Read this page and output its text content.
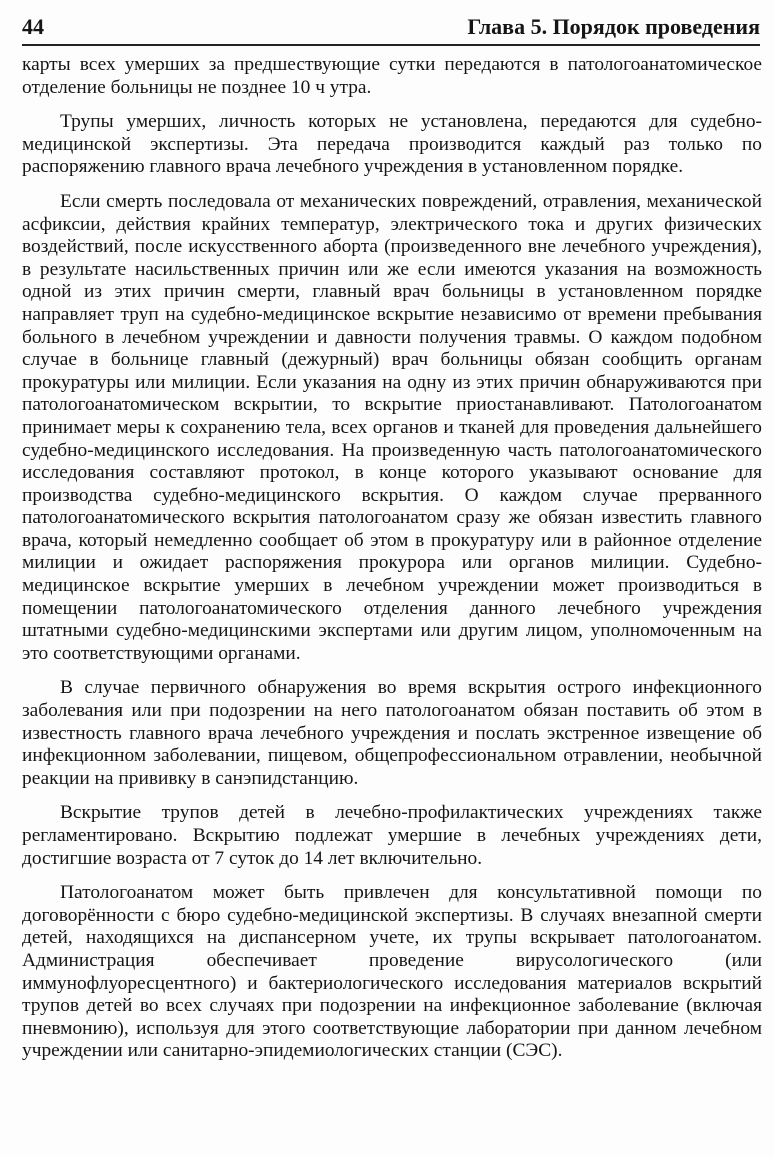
44	Глава 5. Порядок проведения

карты всех умерших за предшествующие сутки передаются в патологоанатомическое отделение больницы не позднее 10 ч утра.

Трупы умерших, личность которых не установлена, передаются для судебно-медицинской экспертизы. Эта передача производится каждый раз только по распоряжению главного врача лечебного учреждения в установленном порядке.

Если смерть последовала от механических повреждений, отравления, механической асфиксии, действия крайних температур, электрического тока и других физических воздействий, после искусственного аборта (произведенного вне лечебного учреждения), в результате насильственных причин или же если имеются указания на возможность одной из этих причин смерти, главный врач больницы в установленном порядке направляет труп на судебно-медицинское вскрытие независимо от времени пребывания больного в лечебном учреждении и давности получения травмы. О каждом подобном случае в больнице главный (дежурный) врач больницы обязан сообщить органам прокуратуры или милиции. Если указания на одну из этих причин обнаруживаются при патологоанатомическом вскрытии, то вскрытие приостанавливают. Патологоанатом принимает меры к сохранению тела, всех органов и тканей для проведения дальнейшего судебно-медицинского исследования. На произведенную часть патологоанатомического исследования составляют протокол, в конце которого указывают основание для производства судебно-медицинского вскрытия. О каждом случае прерванного патологоанатомического вскрытия патологоанатом сразу же обязан известить главного врача, который немедленно сообщает об этом в прокуратуру или в районное отделение милиции и ожидает распоряжения прокурора или органов милиции. Судебно-медицинское вскрытие умерших в лечебном учреждении может производиться в помещении патологоанатомического отделения данного лечебного учреждения штатными судебно-медицинскими экспертами или другим лицом, уполномоченным на это соответствующими органами.

В случае первичного обнаружения во время вскрытия острого инфекционного заболевания или при подозрении на него патологоанатом обязан поставить об этом в известность главного врача лечебного учреждения и послать экстренное извещение об инфекционном заболевании, пищевом, общепрофессиональном отравлении, необычной реакции на прививку в санэпидстанцию.

Вскрытие трупов детей в лечебно-профилактических учреждениях также регламентировано. Вскрытию подлежат умершие в лечебных учреждениях дети, достигшие возраста от 7 суток до 14 лет включительно.

Патологоанатом может быть привлечен для консультативной помощи по договорённости с бюро судебно-медицинской экспертизы. В случаях внезапной смерти детей, находящихся на диспансерном учете, их трупы вскрывает патологоанатом. Администрация обеспечивает проведение вирусологического (или иммунофлуоресцентного) и бактериологического исследования материалов вскрытий трупов детей во всех случаях при подозрении на инфекционное заболевание (включая пневмонию), используя для этого соответствующие лаборатории при данном лечебном учреждении или санитарно-эпидемиологических станции (СЭС).
